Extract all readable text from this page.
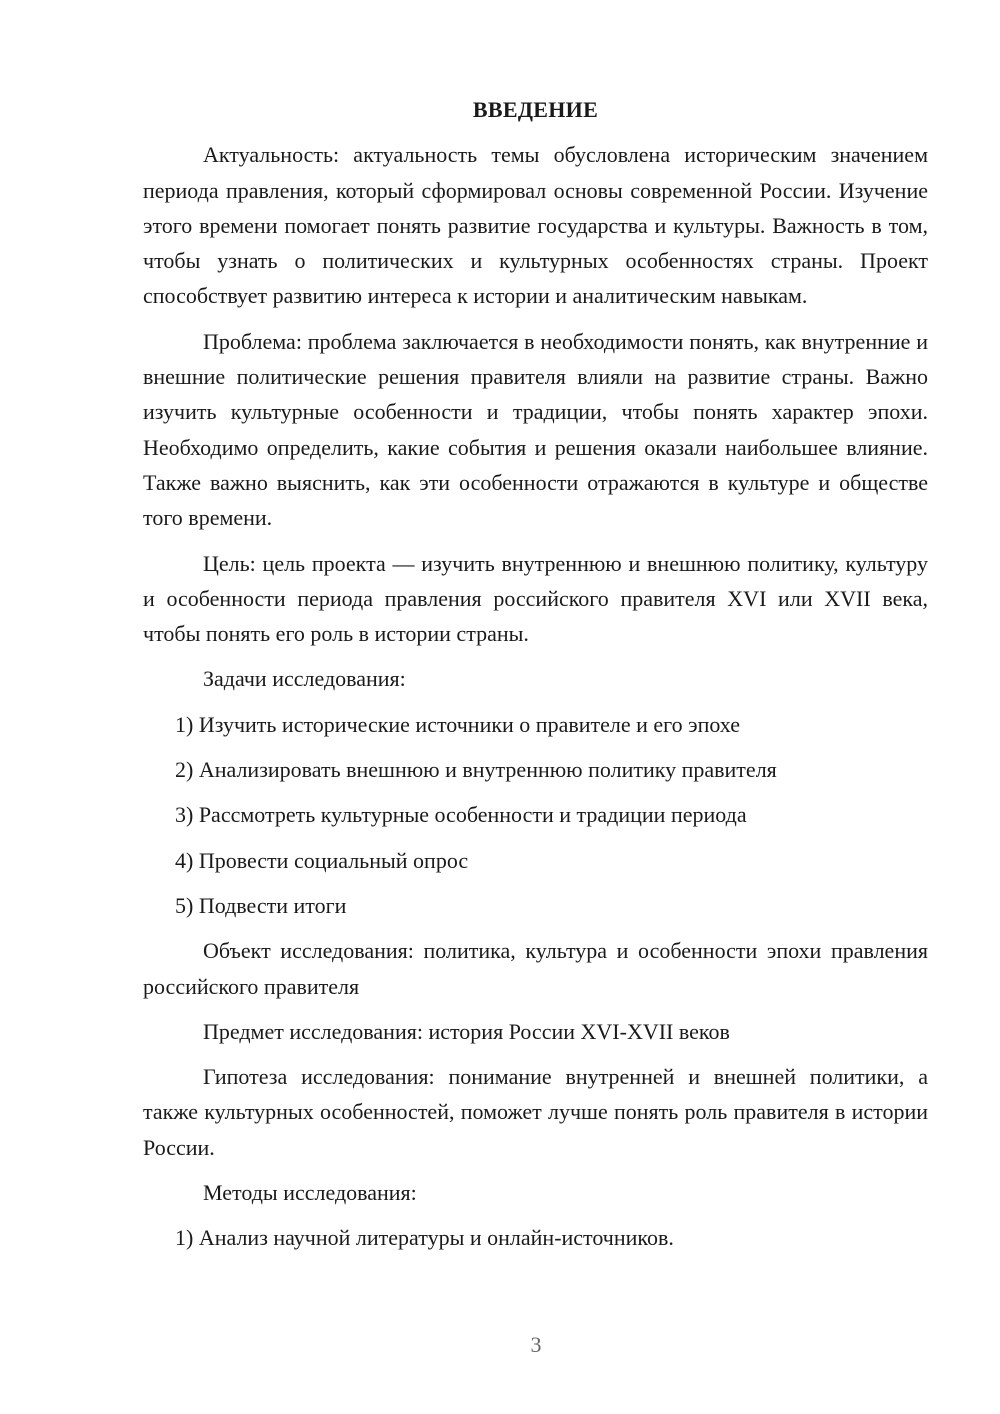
ВВЕДЕНИЕ
Актуальность: актуальность темы обусловлена историческим значением периода правления, который сформировал основы современной России. Изучение этого времени помогает понять развитие государства и культуры. Важность в том, чтобы узнать о политических и культурных особенностях страны. Проект способствует развитию интереса к истории и аналитическим навыкам.
Проблема: проблема заключается в необходимости понять, как внутренние и внешние политические решения правителя влияли на развитие страны. Важно изучить культурные особенности и традиции, чтобы понять характер эпохи. Необходимо определить, какие события и решения оказали наибольшее влияние. Также важно выяснить, как эти особенности отражаются в культуре и обществе того времени.
Цель: цель проекта — изучить внутреннюю и внешнюю политику, культуру и особенности периода правления российского правителя XVI или XVII века, чтобы понять его роль в истории страны.
Задачи исследования:
1) Изучить исторические источники о правителе и его эпохе
2) Анализировать внешнюю и внутреннюю политику правителя
3) Рассмотреть культурные особенности и традиции периода
4) Провести социальный опрос
5) Подвести итоги
Объект исследования: политика, культура и особенности эпохи правления российского правителя
Предмет исследования: история России XVI-XVII веков
Гипотеза исследования: понимание внутренней и внешней политики, а также культурных особенностей, поможет лучше понять роль правителя в истории России.
Методы исследования:
1) Анализ научной литературы и онлайн-источников.
3
